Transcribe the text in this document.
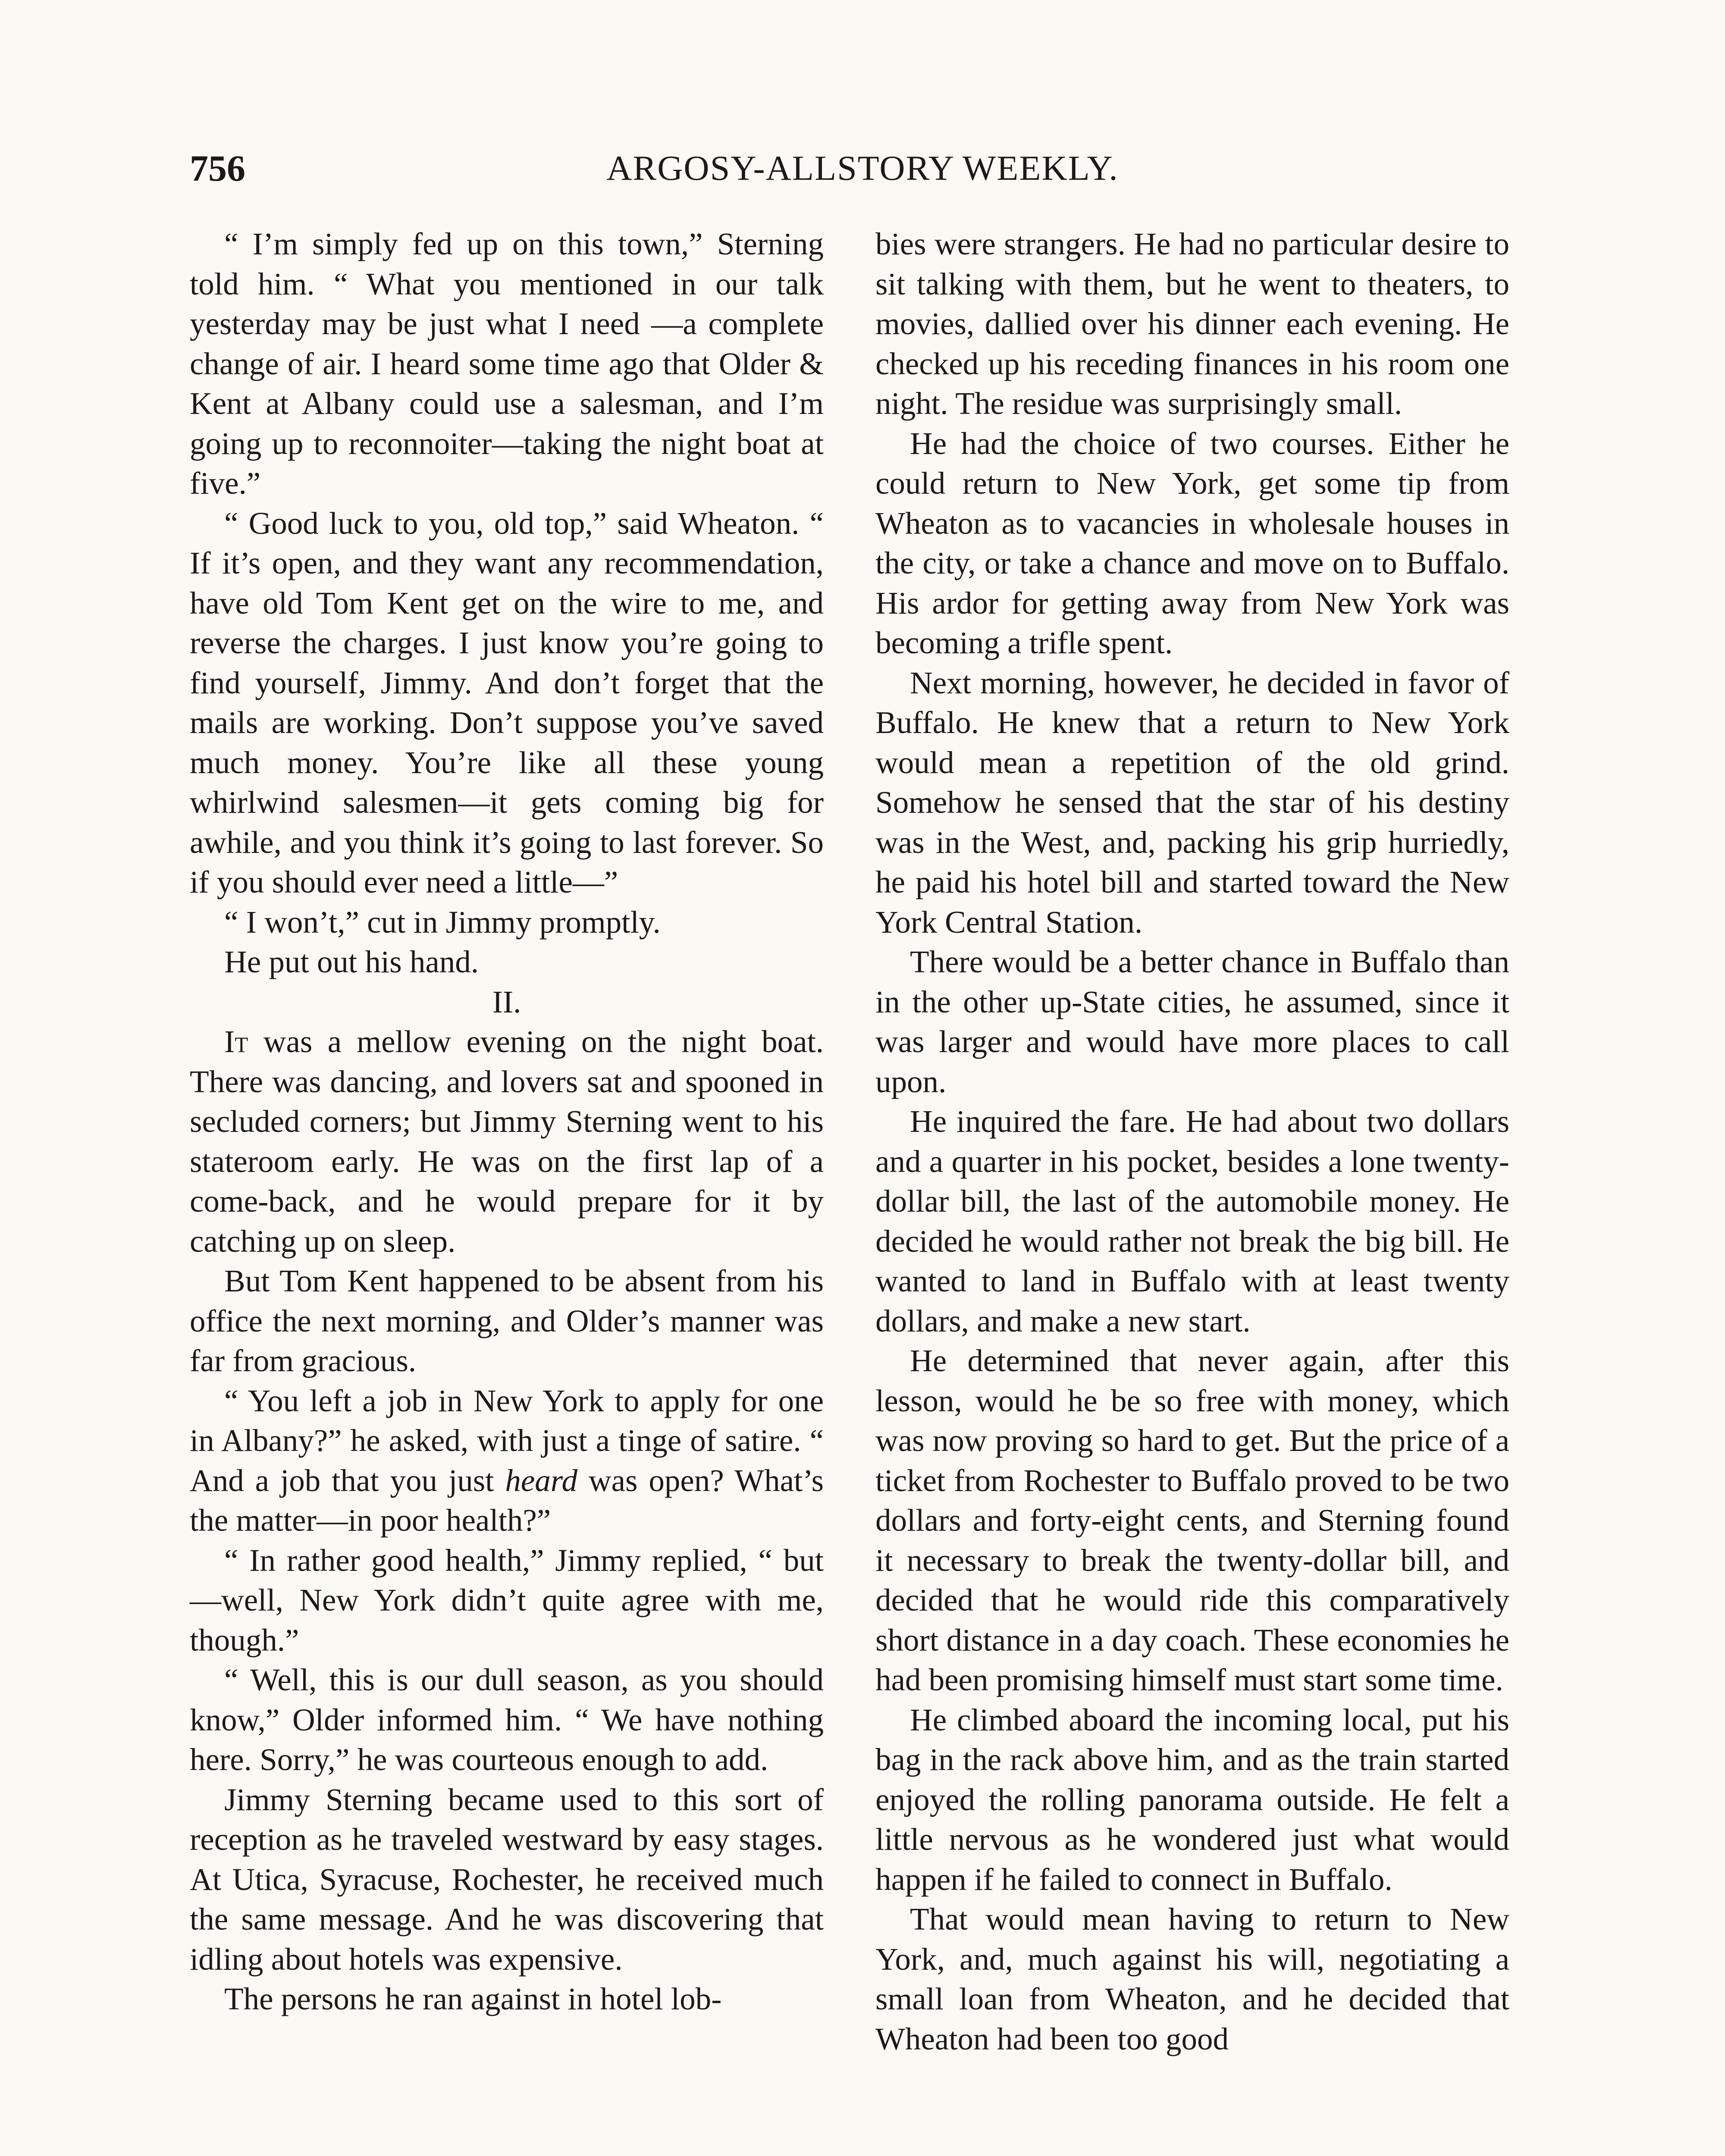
756	ARGOSY-ALLSTORY WEEKLY.

“ I’m simply fed up on this town,” Sterning told him. “ What you mentioned in our talk yesterday may be just what I need —a complete change of air. I heard some time ago that Older & Kent at Albany could use a salesman, and I’m going up to reconnoiter—taking the night boat at five.”

“ Good luck to you, old top,” said Wheaton. “ If it’s open, and they want any recommendation, have old Tom Kent get on the wire to me, and reverse the charges. I just know you’re going to find yourself, Jimmy. And don’t forget that the mails are working. Don’t suppose you’ve saved much money. You’re like all these young whirlwind salesmen—it gets coming big for awhile, and you think it’s going to last forever. So if you should ever need a little—”

“ I won’t,” cut in Jimmy promptly.

He put out his hand.

II.

It was a mellow evening on the night boat. There was dancing, and lovers sat and spooned in secluded corners; but Jimmy Sterning went to his stateroom early. He was on the first lap of a come-back, and he would prepare for it by catching up on sleep.

But Tom Kent happened to be absent from his office the next morning, and Older’s manner was far from gracious.

“ You left a job in New York to apply for one in Albany?” he asked, with just a tinge of satire. “ And a job that you just heard was open? What’s the matter—in poor health?”

“ In rather good health,” Jimmy replied, “ but—well, New York didn’t quite agree with me, though.”

“ Well, this is our dull season, as you should know,” Older informed him. “ We have nothing here. Sorry,” he was courteous enough to add.

Jimmy Sterning became used to this sort of reception as he traveled westward by easy stages. At Utica, Syracuse, Rochester, he received much the same message. And he was discovering that idling about hotels was expensive.

The persons he ran against in hotel lob-

bies were strangers. He had no particular desire to sit talking with them, but he went to theaters, to movies, dallied over his dinner each evening. He checked up his receding finances in his room one night. The residue was surprisingly small.

He had the choice of two courses. Either he could return to New York, get some tip from Wheaton as to vacancies in wholesale houses in the city, or take a chance and move on to Buffalo. His ardor for getting away from New York was becoming a trifle spent.

Next morning, however, he decided in favor of Buffalo. He knew that a return to New York would mean a repetition of the old grind. Somehow he sensed that the star of his destiny was in the West, and, packing his grip hurriedly, he paid his hotel bill and started toward the New York Central Station.

There would be a better chance in Buffalo than in the other up-State cities, he assumed, since it was larger and would have more places to call upon.

He inquired the fare. He had about two dollars and a quarter in his pocket, besides a lone twenty-dollar bill, the last of the automobile money. He decided he would rather not break the big bill. He wanted to land in Buffalo with at least twenty dollars, and make a new start.

He determined that never again, after this lesson, would he be so free with money, which was now proving so hard to get. But the price of a ticket from Rochester to Buffalo proved to be two dollars and forty-eight cents, and Sterning found it necessary to break the twenty-dollar bill, and decided that he would ride this comparatively short distance in a day coach. These economies he had been promising himself must start some time.

He climbed aboard the incoming local, put his bag in the rack above him, and as the train started enjoyed the rolling panorama outside. He felt a little nervous as he wondered just what would happen if he failed to connect in Buffalo.

That would mean having to return to New York, and, much against his will, negotiating a small loan from Wheaton, and he decided that Wheaton had been too good
